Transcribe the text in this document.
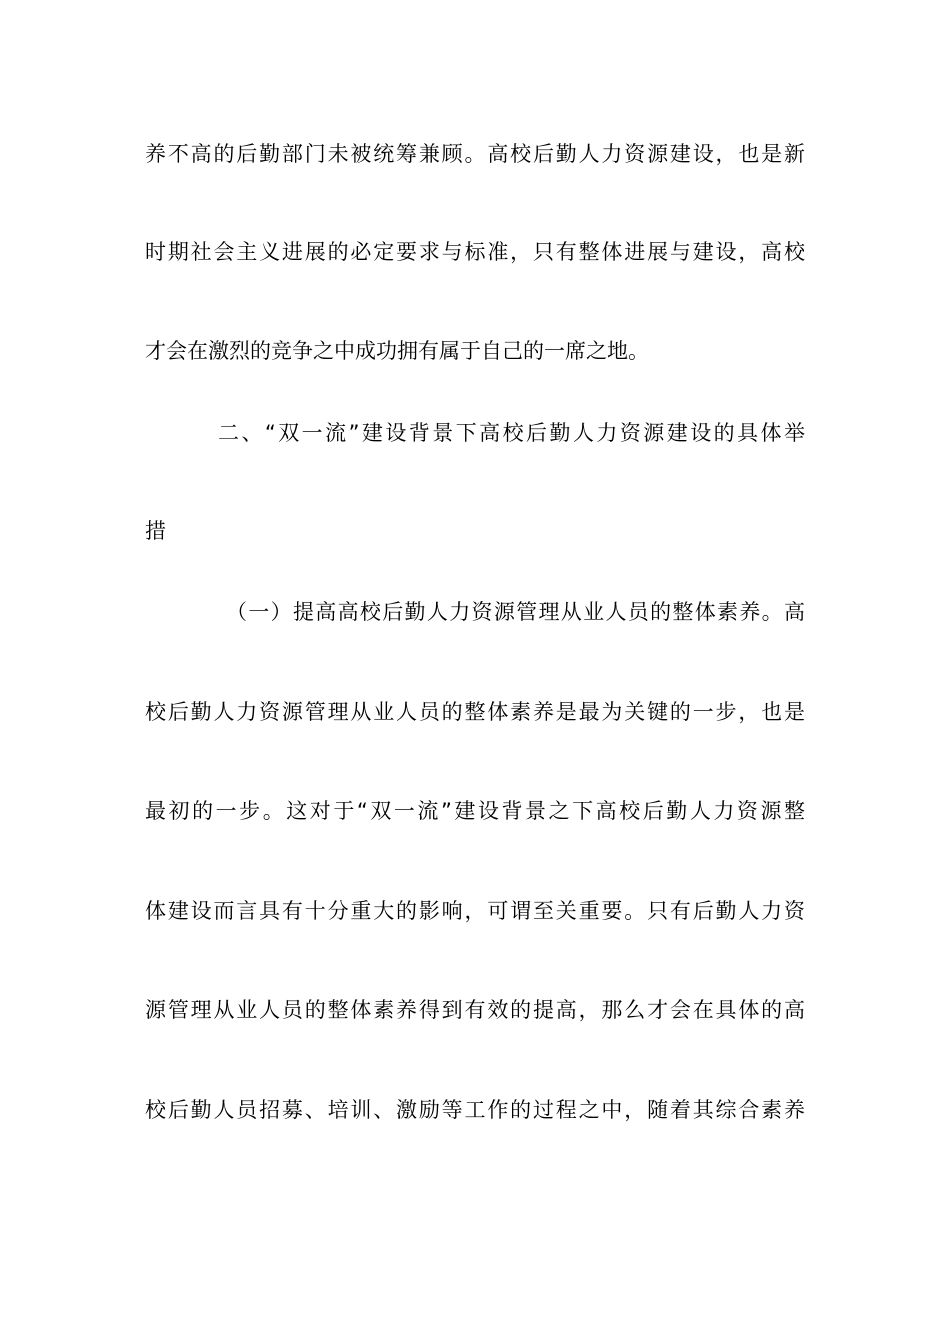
养不高的后勤部门未被统筹兼顾。高校后勤人力资源建设，也是新
时期社会主义进展的必定要求与标准，只有整体进展与建设，高校
才会在激烈的竞争之中成功拥有属于自己的一席之地。
二、“双一流”建设背景下高校后勤人力资源建设的具体举
措
（一）提高高校后勤人力资源管理从业人员的整体素养。高
校后勤人力资源管理从业人员的整体素养是最为关键的一步，也是
最初的一步。这对于“双一流”建设背景之下高校后勤人力资源整
体建设而言具有十分重大的影响，可谓至关重要。只有后勤人力资
源管理从业人员的整体素养得到有效的提高，那么才会在具体的高
校后勤人员招募、培训、激励等工作的过程之中，随着其综合素养
